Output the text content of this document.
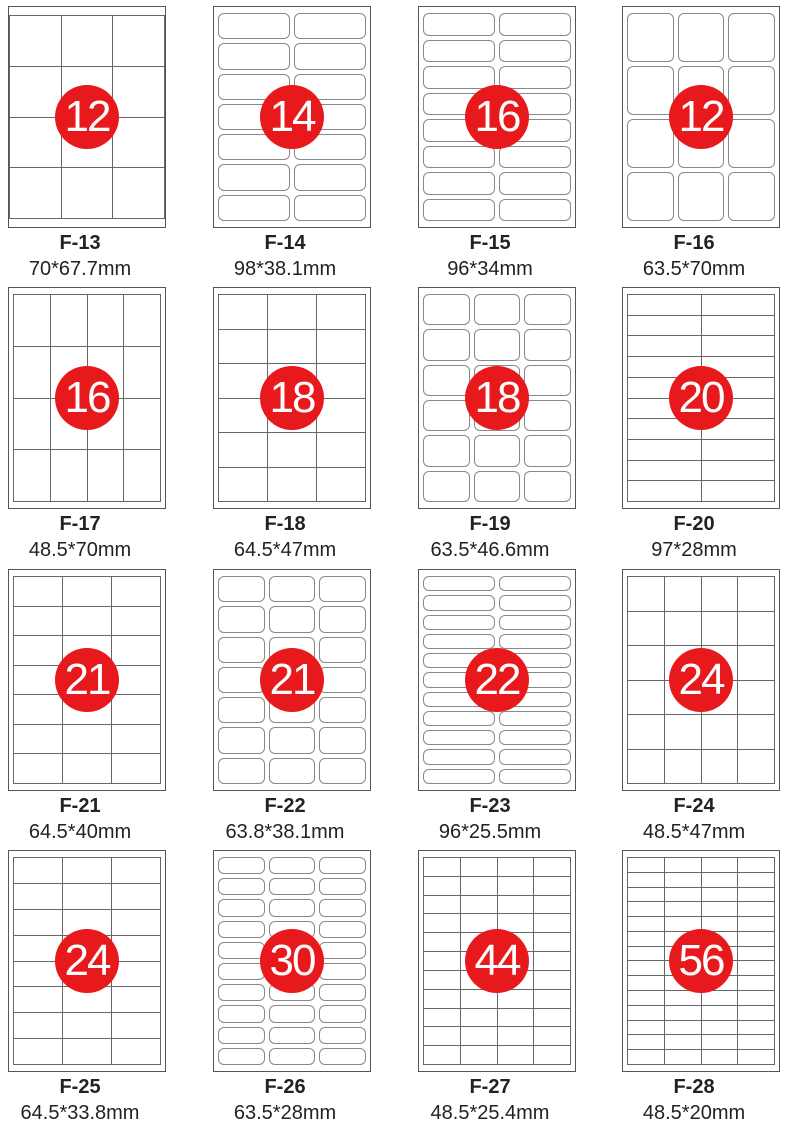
12
F-13
70*67.7mm
14
F-14
98*38.1mm
16
F-15
96*34mm
12
F-16
63.5*70mm
16
F-17
48.5*70mm
18
F-18
64.5*47mm
18
F-19
63.5*46.6mm
20
F-20
97*28mm
21
F-21
64.5*40mm
21
F-22
63.8*38.1mm
22
F-23
96*25.5mm
24
F-24
48.5*47mm
24
F-25
64.5*33.8mm
30
F-26
63.5*28mm
44
F-27
48.5*25.4mm
56
F-28
48.5*20mm
